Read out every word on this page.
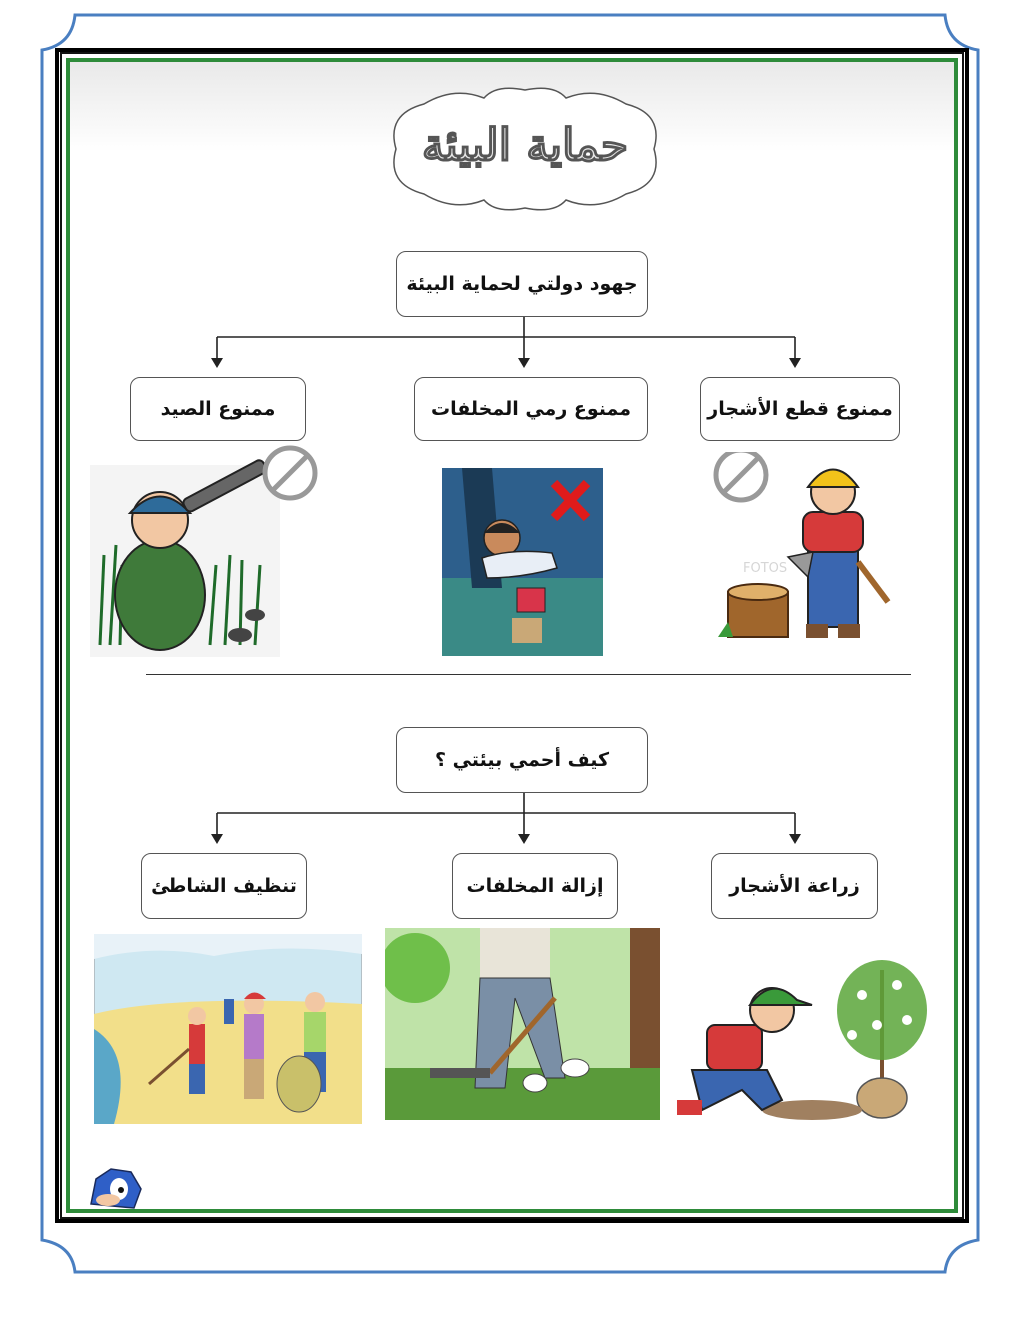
حماية البيئة
جهود دولتي لحماية البيئة
ممنوع قطع الأشجار
ممنوع رمي المخلفات
ممنوع الصيد
FOTOS
كيف أحمي بيئتي ؟
زراعة الأشجار
إزالة المخلفات
تنظيف الشاطئ
